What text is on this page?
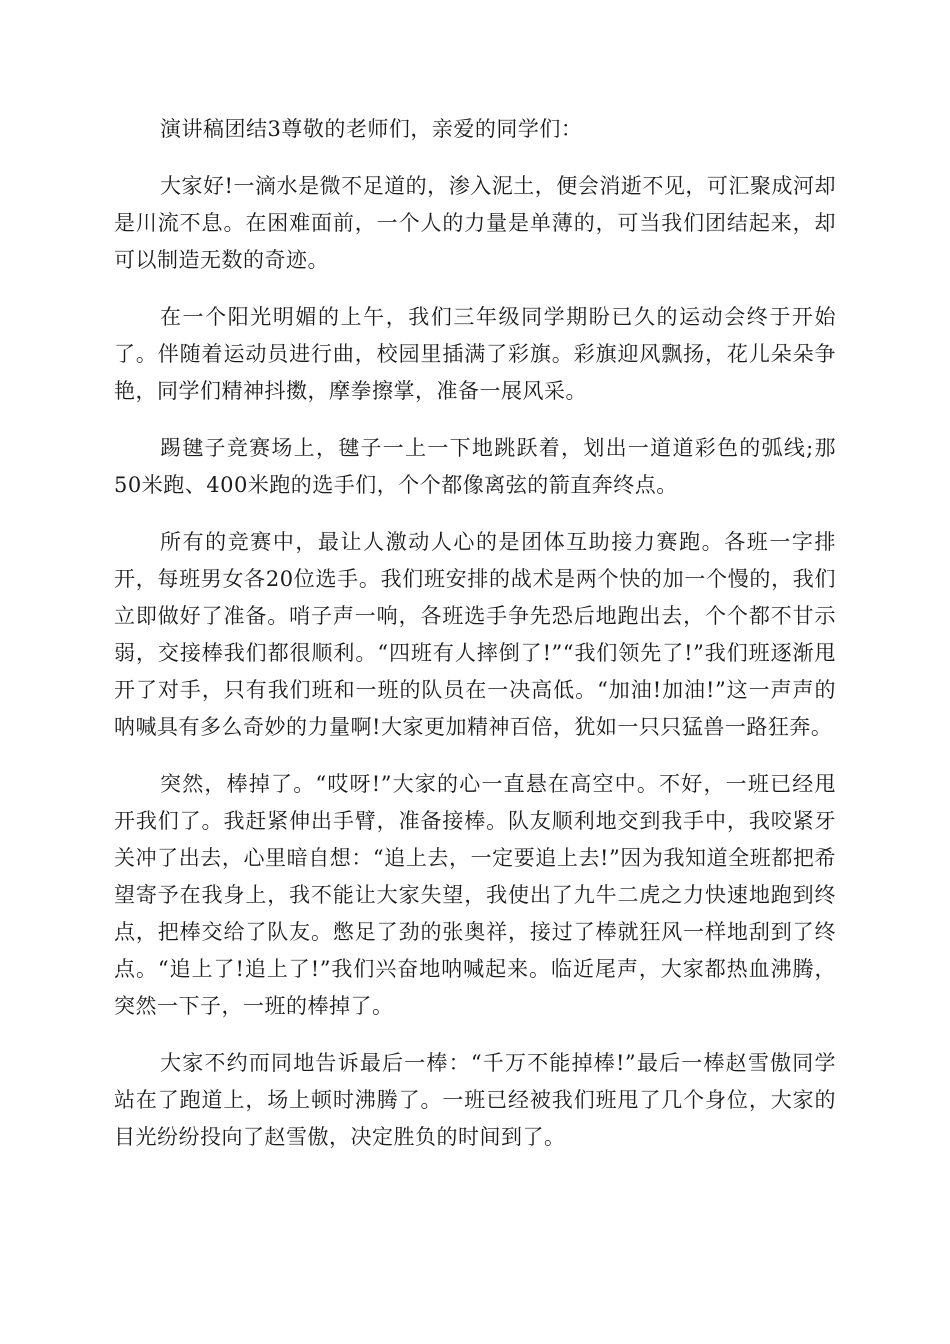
演讲稿团结3尊敬的老师们，亲爱的同学们：

大家好!一滴水是微不足道的，渗入泥土，便会消逝不见，可汇聚成河却是川流不息。在困难面前，一个人的力量是单薄的，可当我们团结起来，却可以制造无数的奇迹。

在一个阳光明媚的上午，我们三年级同学期盼已久的运动会终于开始了。伴随着运动员进行曲，校园里插满了彩旗。彩旗迎风飘扬，花儿朵朵争艳，同学们精神抖擞，摩拳擦掌，准备一展风采。

踢毽子竞赛场上，毽子一上一下地跳跃着，划出一道道彩色的弧线;那50米跑、400米跑的选手们，个个都像离弦的箭直奔终点。

所有的竞赛中，最让人激动人心的是团体互助接力赛跑。各班一字排开，每班男女各20位选手。我们班安排的战术是两个快的加一个慢的，我们立即做好了准备。哨子声一响，各班选手争先恐后地跑出去，个个都不甘示弱，交接棒我们都很顺利。“四班有人摔倒了!”“我们领先了!”我们班逐渐甩开了对手，只有我们班和一班的队员在一决高低。“加油!加油!”这一声声的呐喊具有多么奇妙的力量啊!大家更加精神百倍，犹如一只只猛兽一路狂奔。

突然，棒掉了。“哎呀!”大家的心一直悬在高空中。不好，一班已经甩开我们了。我赶紧伸出手臂，准备接棒。队友顺利地交到我手中，我咬紧牙关冲了出去，心里暗自想：“追上去，一定要追上去!”因为我知道全班都把希望寄予在我身上，我不能让大家失望，我使出了九牛二虎之力快速地跑到终点，把棒交给了队友。憋足了劲的张奥祥，接过了棒就狂风一样地刮到了终点。“追上了!追上了!”我们兴奋地呐喊起来。临近尾声，大家都热血沸腾，突然一下子，一班的棒掉了。

大家不约而同地告诉最后一棒：“千万不能掉棒!”最后一棒赵雪傲同学站在了跑道上，场上顿时沸腾了。一班已经被我们班甩了几个身位，大家的目光纷纷投向了赵雪傲，决定胜负的时间到了。
